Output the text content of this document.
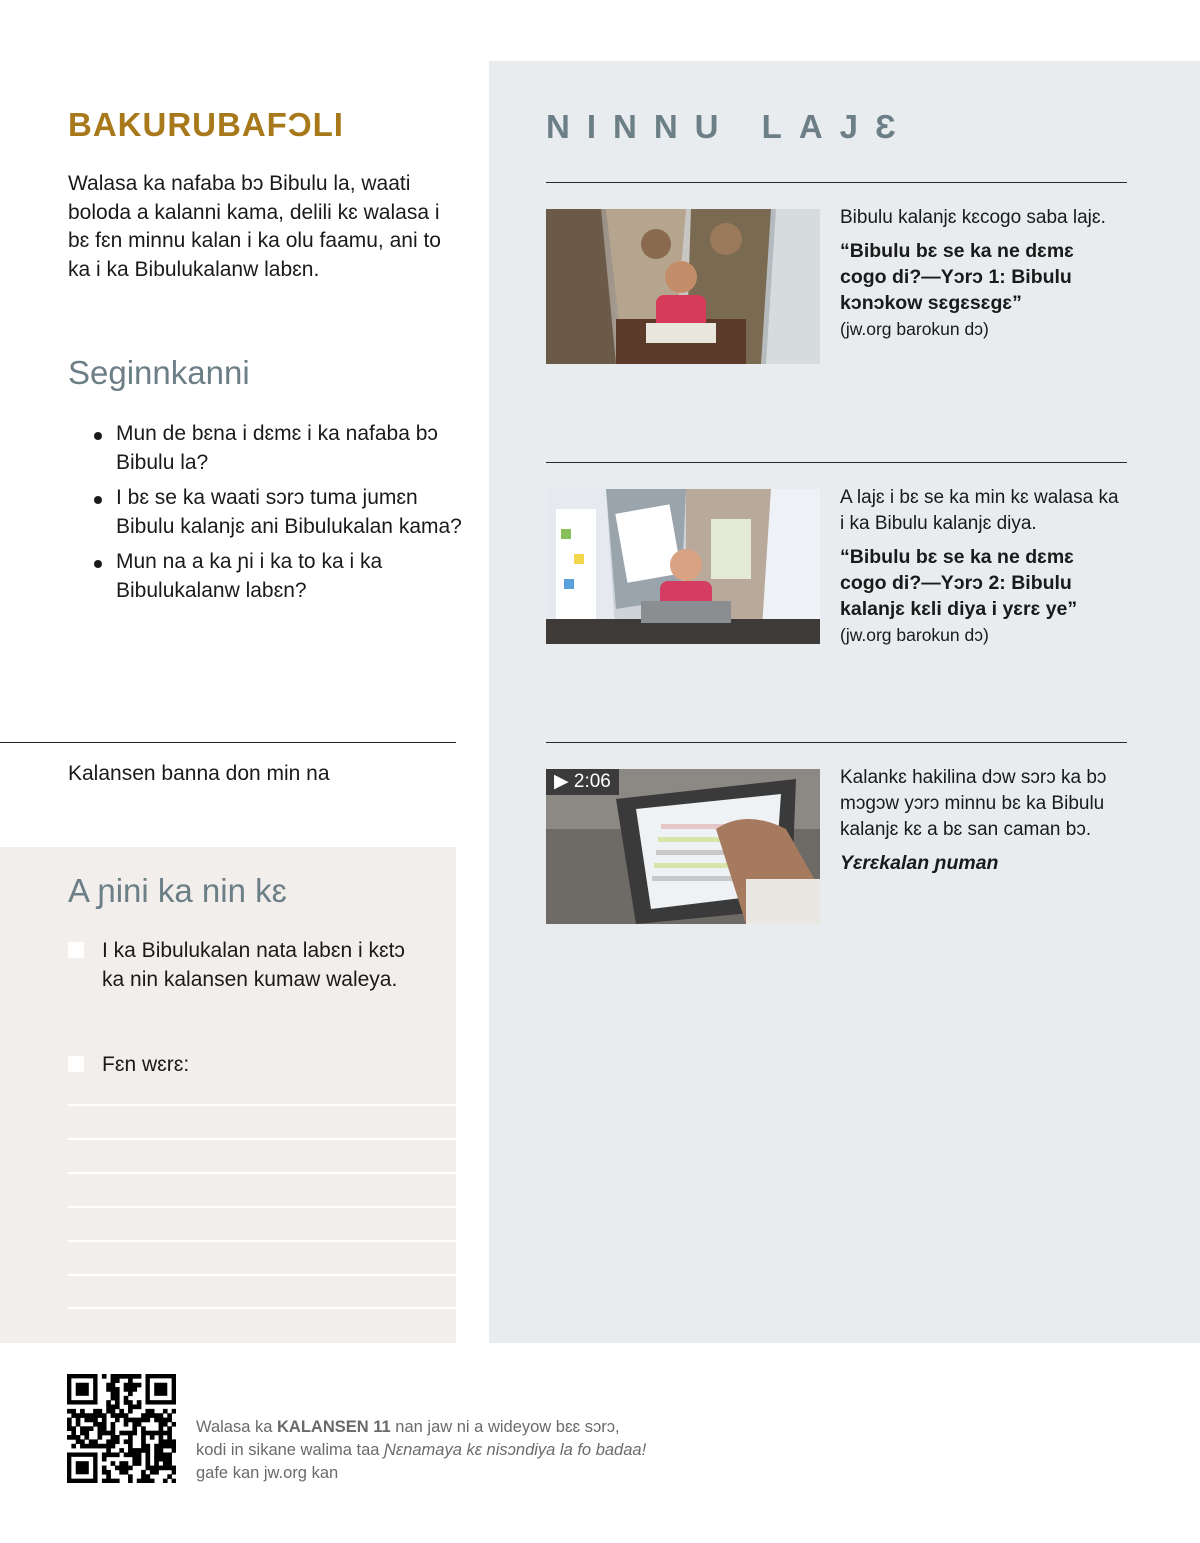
BAKURUBAFƆLI
Walasa ka nafaba bɔ Bibulu la, waati boloda a kalanni kama, delili kɛ walasa i bɛ fɛn minnu kalan i ka olu faamu, ani to ka i ka Bibulukalanw labɛn.
Seginnkanni
Mun de bɛna i dɛmɛ i ka nafaba bɔ Bibulu la?
I bɛ se ka waati sɔrɔ tuma jumɛn Bibulu kalanjɛ ani Bibulukalan kama?
Mun na a ka ɲi i ka to ka i ka Bibulukalanw labɛn?
Kalansen banna don min na
A ɲini ka nin kɛ
I ka Bibulukalan nata labɛn i kɛtɔ ka nin kalansen kumaw waleya.
Fɛn wɛrɛ:
NINNU LAJƐ
Bibulu kalanjɛ kɛcogo saba lajɛ.
“Bibulu bɛ se ka ne dɛmɛ cogo di?—Yɔrɔ 1: Bibulu kɔnɔkow sɛgɛsɛgɛ”
(jw.org barokun dɔ)
A lajɛ i bɛ se ka min kɛ walasa ka i ka Bibulu kalanjɛ diya.
“Bibulu bɛ se ka ne dɛmɛ cogo di?—Yɔrɔ 2: Bibulu kalanjɛ kɛli diya i yɛrɛ ye”
(jw.org barokun dɔ)
▶ 2:06	Kalankɛ hakilina dɔw sɔrɔ ka bɔ mɔgɔw yɔrɔ minnu bɛ ka Bibulu kalanjɛ kɛ a bɛ san caman bɔ.
Yɛrɛkalan ɲuman
Walasa ka KALANSEN 11 nan jaw ni a wideyow bɛɛ sɔrɔ,
kodi in sikane walima taa Ɲɛnamaya kɛ nisɔndiya la fo badaa!
gafe kan jw.org kan
